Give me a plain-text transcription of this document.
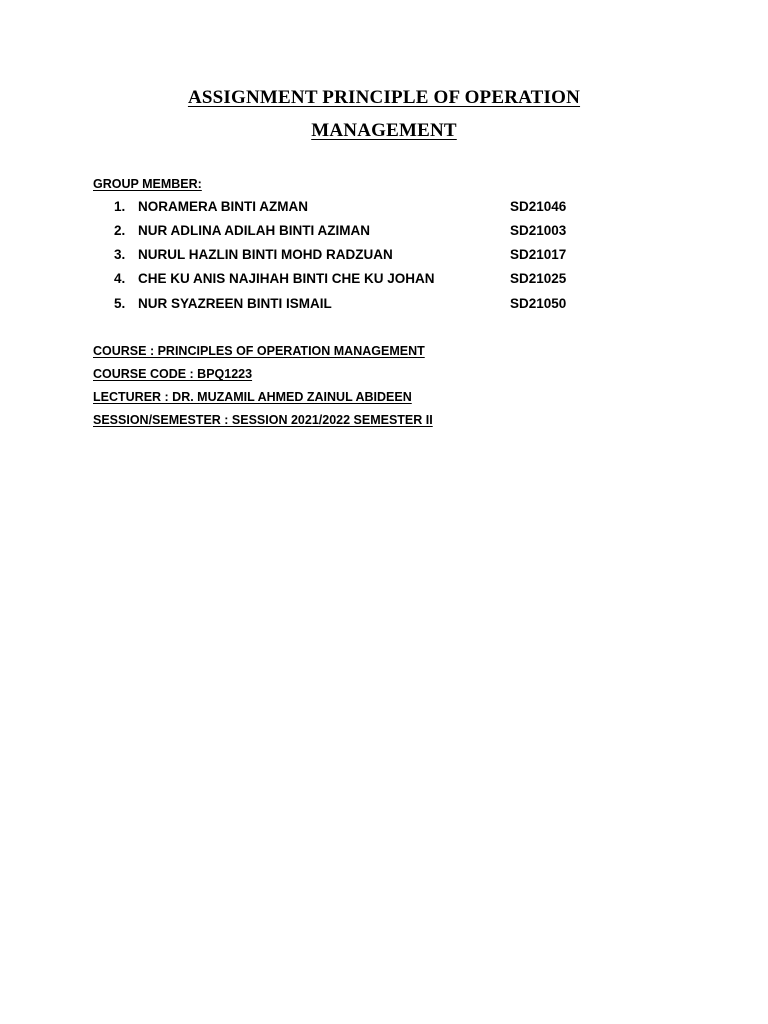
ASSIGNMENT PRINCIPLE OF OPERATION
MANAGEMENT
GROUP MEMBER:
1. NORAMERA BINTI AZMAN	SD21046
2. NUR ADLINA ADILAH BINTI AZIMAN	SD21003
3. NURUL HAZLIN BINTI MOHD RADZUAN	SD21017
4. CHE KU ANIS NAJIHAH BINTI CHE KU JOHAN	SD21025
5. NUR SYAZREEN BINTI ISMAIL	SD21050
COURSE : PRINCIPLES OF OPERATION MANAGEMENT
COURSE CODE : BPQ1223
LECTURER : DR. MUZAMIL AHMED ZAINUL ABIDEEN
SESSION/SEMESTER : SESSION 2021/2022 SEMESTER II
